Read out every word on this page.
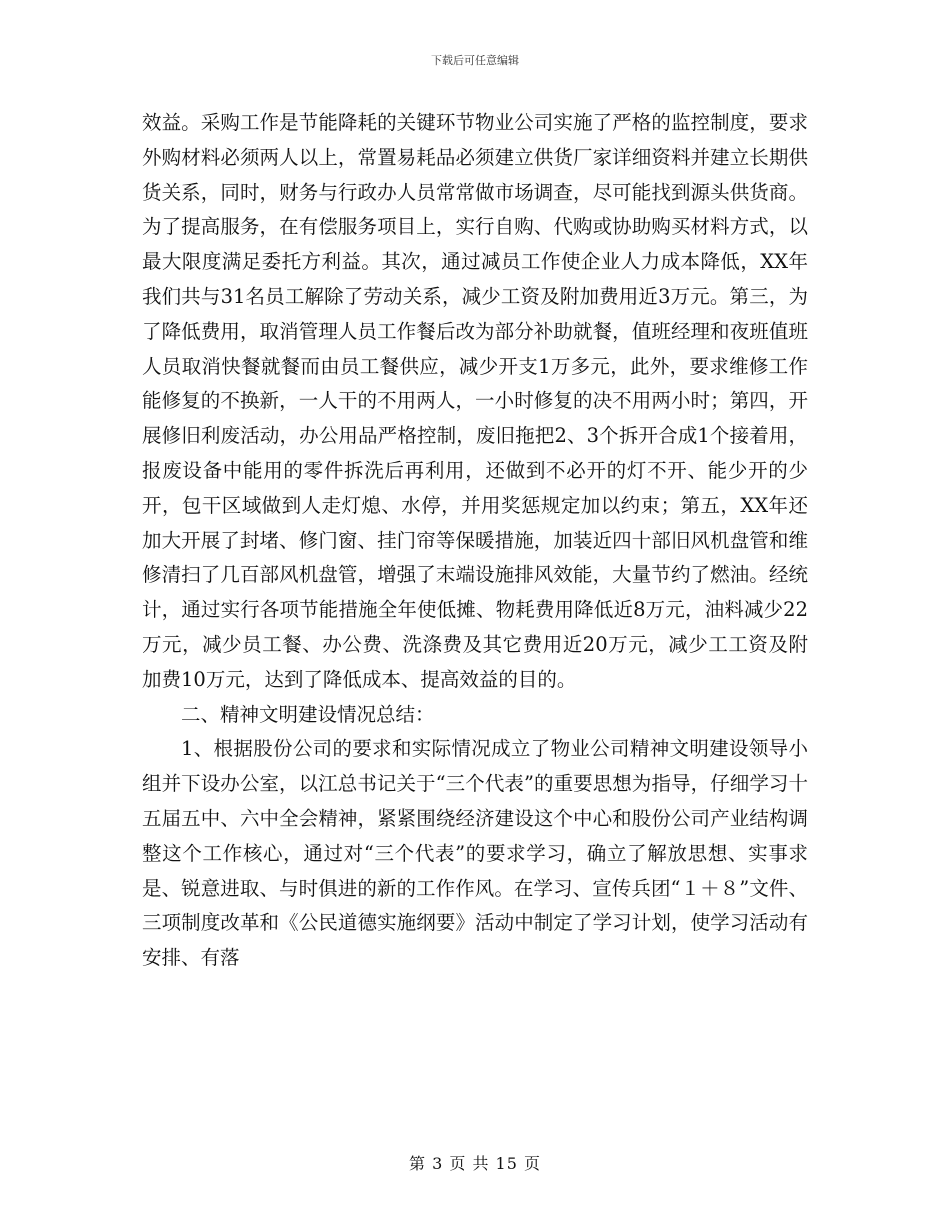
下载后可任意编辑

效益。采购工作是节能降耗的关键环节物业公司实施了严格的监控制度，要求外购材料必须两人以上，常置易耗品必须建立供货厂家详细资料并建立长期供货关系，同时，财务与行政办人员常常做市场调查，尽可能找到源头供货商。为了提高服务，在有偿服务项目上，实行自购、代购或协助购买材料方式，以最大限度满足委托方利益。其次，通过减员工作使企业人力成本降低，XX年我们共与31名员工解除了劳动关系，减少工资及附加费用近3万元。第三，为了降低费用，取消管理人员工作餐后改为部分补助就餐，值班经理和夜班值班人员取消快餐就餐而由员工餐供应，减少开支1万多元，此外，要求维修工作能修复的不换新，一人干的不用两人，一小时修复的决不用两小时；第四，开展修旧利废活动，办公用品严格控制，废旧拖把2、3个拆开合成1个接着用，报废设备中能用的零件拆洗后再利用，还做到不必开的灯不开、能少开的少开，包干区域做到人走灯熄、水停，并用奖惩规定加以约束；第五，XX年还加大开展了封堵、修门窗、挂门帘等保暖措施，加装近四十部旧风机盘管和维修清扫了几百部风机盘管，增强了末端设施排风效能，大量节约了燃油。经统计，通过实行各项节能措施全年使低摊、物耗费用降低近8万元，油料减少22万元，减少员工餐、办公费、洗涤费及其它费用近20万元，减少工工资及附加费10万元，达到了降低成本、提高效益的目的。

二、精神文明建设情况总结：

1、根据股份公司的要求和实际情况成立了物业公司精神文明建设领导小组并下设办公室，以江总书记关于“三个代表”的重要思想为指导，仔细学习十五届五中、六中全会精神，紧紧围绕经济建设这个中心和股份公司产业结构调整这个工作核心，通过对“三个代表”的要求学习，确立了解放思想、实事求是、锐意进取、与时俱进的新的工作作风。在学习、宣传兵团“１＋８”文件、三项制度改革和《公民道德实施纲要》活动中制定了学习计划，使学习活动有安排、有落

第 3 页 共 15 页
